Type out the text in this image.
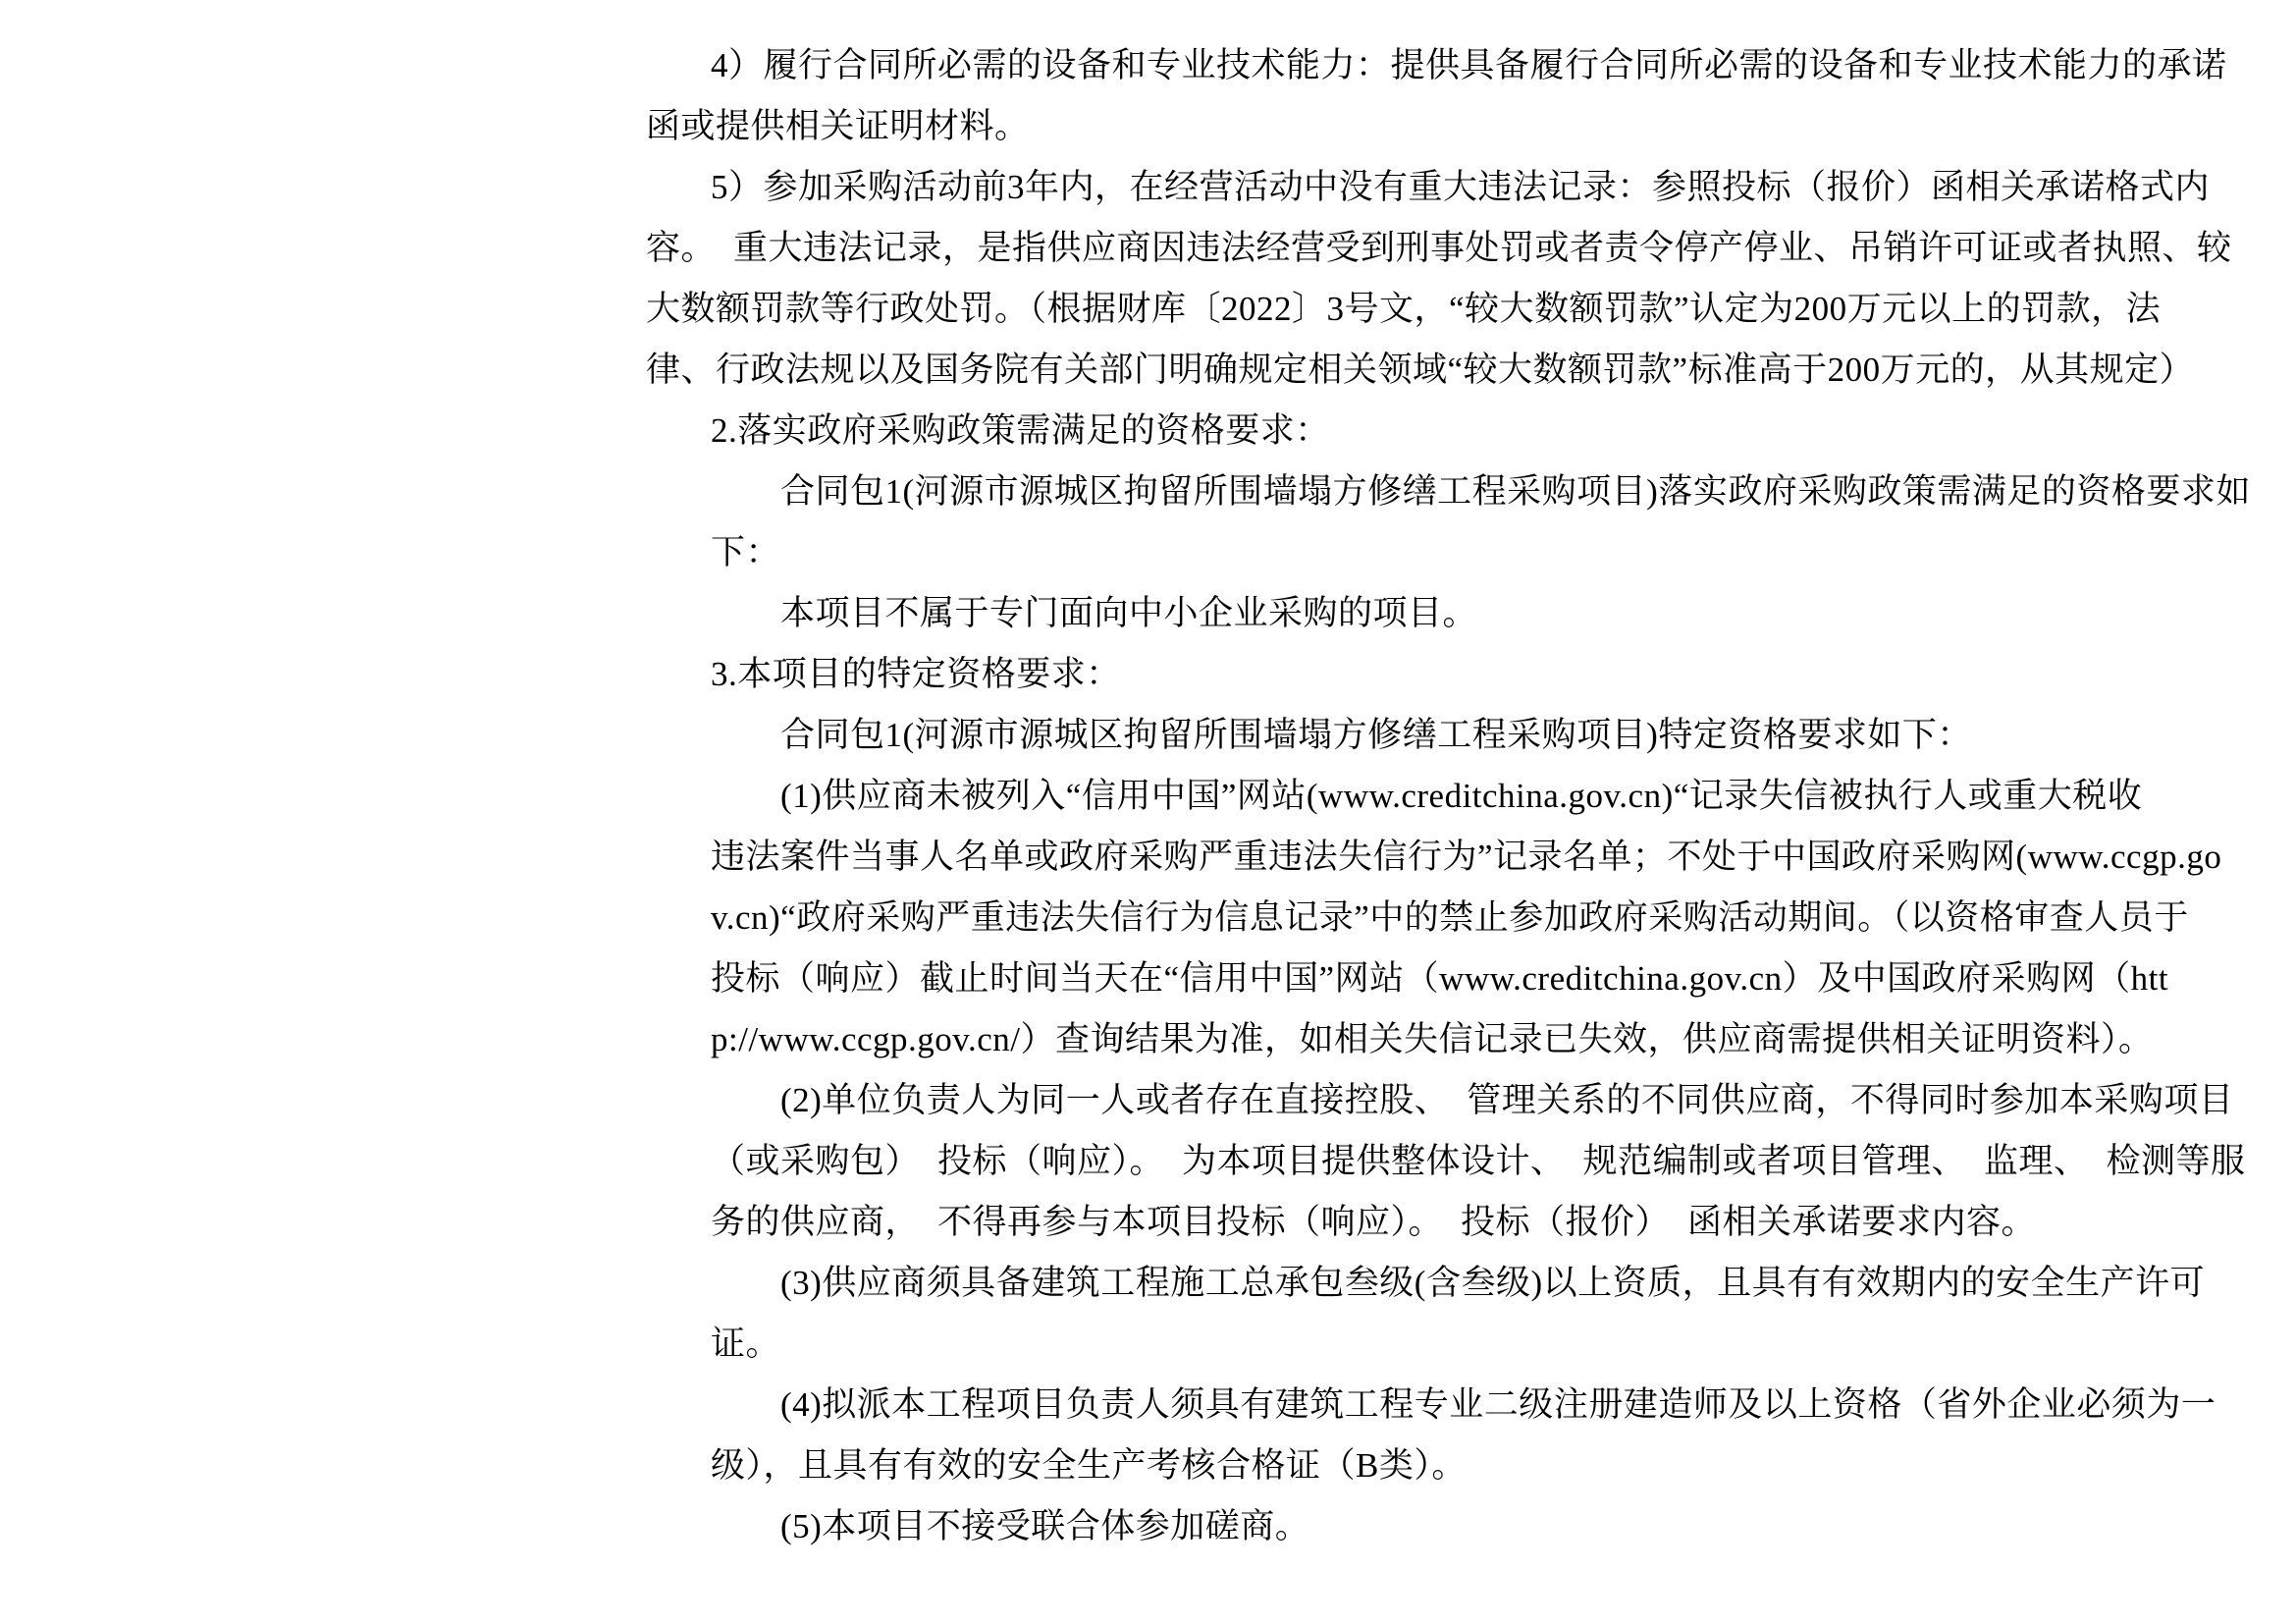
4）履行合同所必需的设备和专业技术能力：提供具备履行合同所必需的设备和专业技术能力的承诺
函或提供相关证明材料。
5）参加采购活动前3年内，在经营活动中没有重大违法记录：参照投标（报价）函相关承诺格式内
容。　重大违法记录，是指供应商因违法经营受到刑事处罚或者责令停产停业、吊销许可证或者执照、较
大数额罚款等行政处罚。（根据财库〔2022〕3号文，“较大数额罚款”认定为200万元以上的罚款，法
律、行政法规以及国务院有关部门明确规定相关领域“较大数额罚款”标准高于200万元的，从其规定）
2.落实政府采购政策需满足的资格要求：
合同包1(河源市源城区拘留所围墙塌方修缮工程采购项目)落实政府采购政策需满足的资格要求如
下：
本项目不属于专门面向中小企业采购的项目。
3.本项目的特定资格要求：
合同包1(河源市源城区拘留所围墙塌方修缮工程采购项目)特定资格要求如下：
(1)供应商未被列入“信用中国”网站(www.creditchina.gov.cn)“记录失信被执行人或重大税收
违法案件当事人名单或政府采购严重违法失信行为”记录名单；不处于中国政府采购网(www.ccgp.go
v.cn)“政府采购严重违法失信行为信息记录”中的禁止参加政府采购活动期间。（以资格审查人员于
投标（响应）截止时间当天在“信用中国”网站（www.creditchina.gov.cn）及中国政府采购网（htt
p://www.ccgp.gov.cn/）查询结果为准，如相关失信记录已失效，供应商需提供相关证明资料）。
(2)单位负责人为同一人或者存在直接控股、　管理关系的不同供应商，不得同时参加本采购项目
（或采购包）　投标（响应）。　为本项目提供整体设计、　规范编制或者项目管理、　监理、　检测等服
务的供应商，　不得再参与本项目投标（响应）。　投标（报价）　函相关承诺要求内容。
(3)供应商须具备建筑工程施工总承包叁级(含叁级)以上资质，且具有有效期内的安全生产许可
证。
(4)拟派本工程项目负责人须具有建筑工程专业二级注册建造师及以上资格（省外企业必须为一
级），且具有有效的安全生产考核合格证（B类）。
(5)本项目不接受联合体参加磋商。
